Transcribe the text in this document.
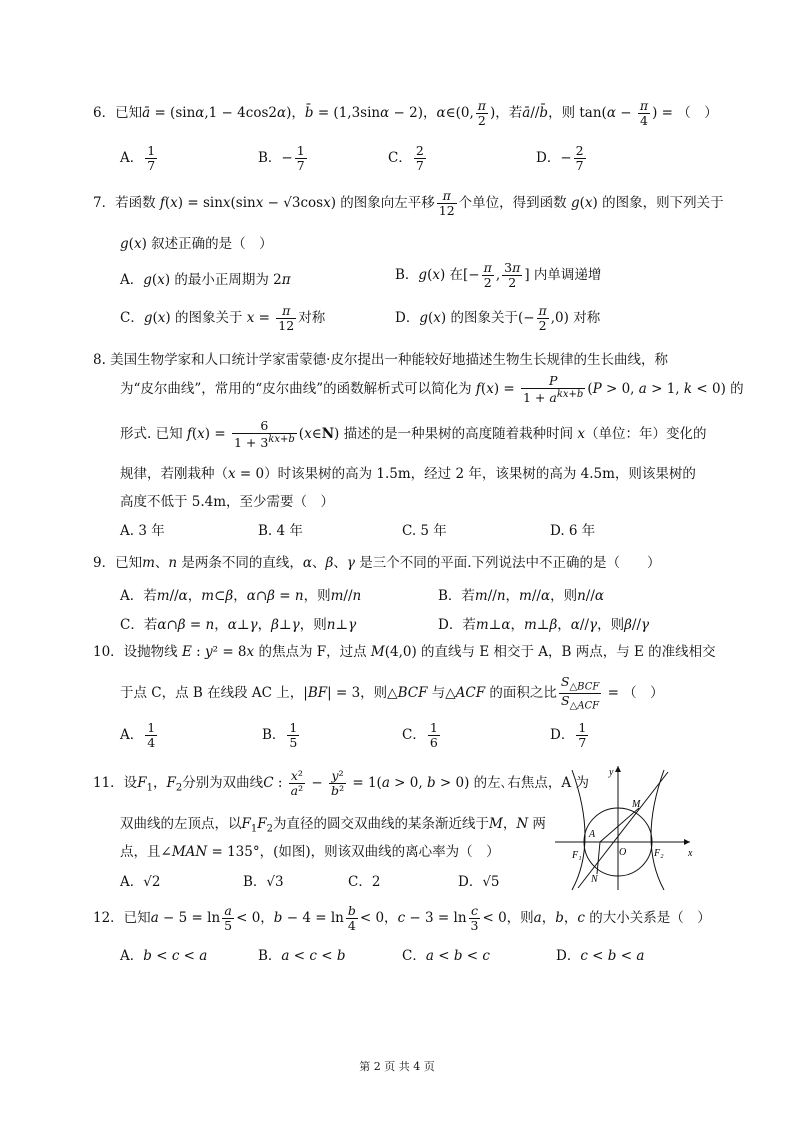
6．已知ā = (sinα,1 − 4cos2α)，b̄ = (1,3sinα − 2)，α∈(0, $\frac{\pi}{2}$ )，若ā//b̄，则 $\tan(\alpha - \frac{\pi}{4}$ ) = （　）
A． $\frac{1}{7}$	B．− $\frac{1}{7}$	C． $\frac{2}{7}$	D．− $\frac{2}{7}$
7．若函数 f(x) = sinx(sinx − √3cosx) 的图象向左平移 $\frac{\pi}{12}$ 个单位，得到函数 g(x) 的图象，则下列关于
g(x) 叙述正确的是（　）
A．g(x) 的最小正周期为 2π	B．g(x) 在[− $\frac{\pi}{2}$ , $\frac{3\pi}{2}$ ] 内单调递增
C．g(x) 的图象关于 $x = \frac{\pi}{12}$ 对称	D．g(x) 的图象关于(− $\frac{\pi}{2} ,0$) 对称
8. 美国生物学家和人口统计学家雷蒙德·皮尔提出一种能较好地描述生物生长规律的生长曲线，称
为“皮尔曲线”，常用的“皮尔曲线”的函数解析式可以简化为 $f(x) = \frac{P}{1 + a^{kx+b}} (P > 0$, a > 1, k < 0) 的
形式. 已知 $f(x) = \frac{6}{1 + 3^{kx+b}}$ (x∈N) 描述的是一种果树的高度随着栽种时间 x（单位：年）变化的
规律，若刚栽种（x = 0）时该果树的高为 1.5m，经过 2 年，该果树的高为 4.5m，则该果树的
高度不低于 5.4m，至少需要（　）
A. 3 年	B. 4 年	C. 5 年	D. 6 年
9．已知m、n 是两条不同的直线，α、β、γ 是三个不同的平面.下列说法中不正确的是（　　）
A．若m//α，m⊂β，α∩β = n，则m//n	B．若m//n，m//α，则n//α
C．若α∩β = n，α⊥γ，β⊥γ，则n⊥γ	D．若m⊥α，m⊥β，α//γ，则β//γ
10．设抛物线 E : y² = 8x 的焦点为 F，过点 M(4,0) 的直线与 E 相交于 A，B 两点，与 E 的准线相交
于点 C，点 B 在线段 AC 上，|BF| = 3，则△BCF 与△ACF 的面积之比 $\frac{S_{\triangle BCF}}{S_{\triangle ACF}}$ = （　）
A． $\frac{1}{4}$	B． $\frac{1}{5}$	C． $\frac{1}{6}$	D． $\frac{1}{7}$
11．设$F_1$，$F_2$分别为双曲线C : $\frac{\text{x²}}{\text{a²}} - \frac{\text{y²}}{\text{b²}} = 1(a > 0$, b > 0) 的左､右焦点，A 为
双曲线的左顶点，以$F_1F_2$为直径的圆交双曲线的某条渐近线于M，N 两
点，且∠MAN = 135°，(如图)，则该双曲线的离心率为（　）
A．√2	B．√3	C．2	D．√5
y
M
A
O
F₁	F₂
N
x
12．已知$a - 5 = \ln \frac{a}{5} < 0$，$b - 4 = \ln \frac{b}{4} < 0$，$c - 3 = \ln \frac{c}{3} < 0$，则a，b，c 的大小关系是（　）
A．b < c < a	B．a < c < b	C．a < b < c	D．c < b < a
第 2 页 共 4 页
